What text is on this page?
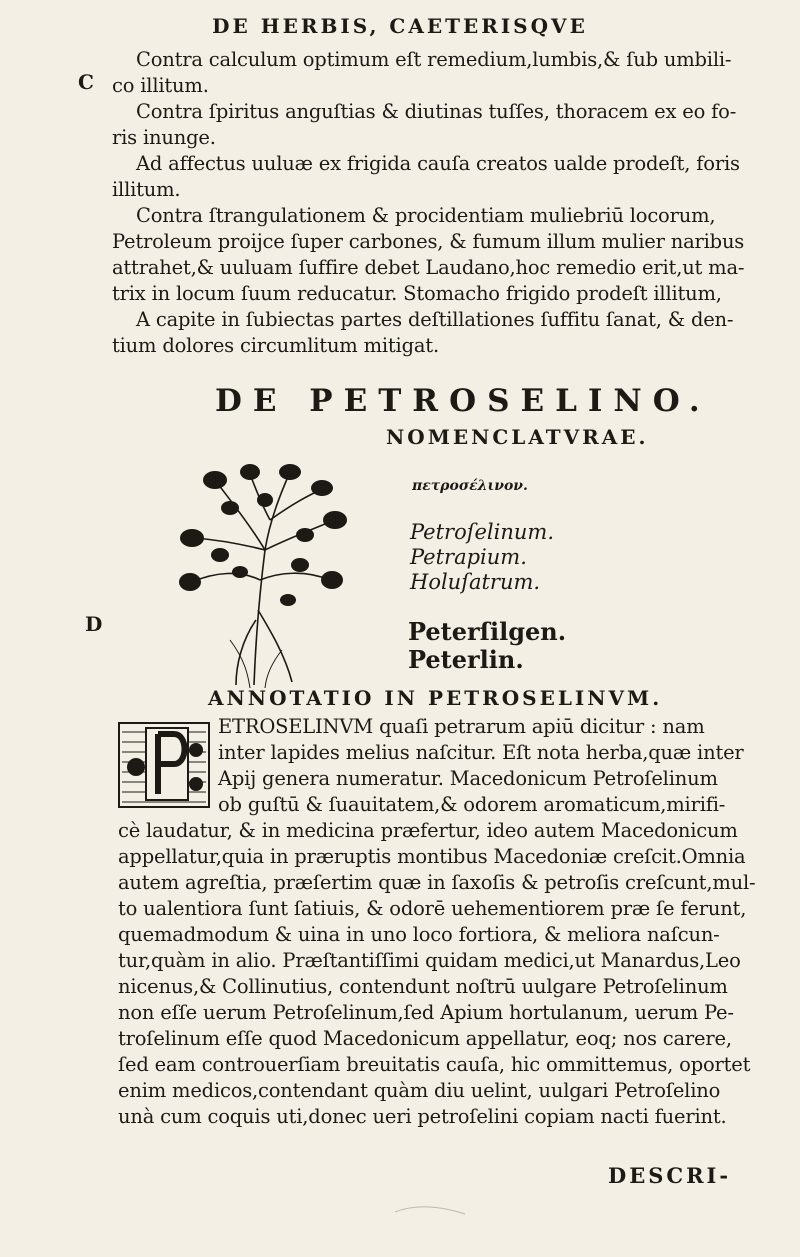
DE HERBIS, CAETERISQVE
C
D
Contra calculum optimum eſt remedium,lumbis,& ſub umbili-
co illitum.
Contra ſpiritus anguſtias & diutinas tuſſes, thoracem ex eo fo-
ris inunge.
Ad affectus uuluæ ex frigida cauſa creatos ualde prodeſt, foris
illitum.
Contra ſtrangulationem & procidentiam muliebriū locorum,
Petroleum proijce ſuper carbones, & fumum illum mulier naribus
attrahet,& uuluam ſuffire debet Laudano,hoc remedio erit,ut ma-
trix in locum ſuum reducatur. Stomacho frigido prodeſt illitum,
A capite in ſubiectas partes deſtillationes ſuffitu ſanat, & den-
tium dolores circumlitum mitigat.
DE PETROSELINO.
NOMENCLATVRAE.
πετροσέλινον.
Petroſelinum.
Petrapium.
Holuſatrum.
Peterſilgen.
Peterlin.
ANNOTATIO IN PETROSELINVM.
ETROSELINVM quaſi petrarum apiū dicitur : nam
inter lapides melius naſcitur. Eſt nota herba,quæ inter
Apij genera numeratur. Macedonicum Petroſelinum
ob guſtū & ſuauitatem,& odorem aromaticum,mirifi-
cè laudatur, & in medicina præfertur, ideo autem Macedonicum
appellatur,quia in præruptis montibus Macedoniæ creſcit.Omnia
autem agreſtia, præſertim quæ in ſaxoſis & petroſis creſcunt,mul-
to ualentiora ſunt ſatiuis, & odorē uehementiorem præ ſe ferunt,
quemadmodum & uina in uno loco fortiora, & meliora naſcun-
tur,quàm in alio. Præſtantiſſimi quidam medici,ut Manardus,Leo
nicenus,& Collinutius, contendunt noſtrū uulgare Petroſelinum
non eſſe uerum Petroſelinum,ſed Apium hortulanum, uerum Pe-
troſelinum eſſe quod Macedonicum appellatur, eoq; nos carere,
ſed eam controuerſiam breuitatis cauſa, hic ommittemus, oportet
enim medicos,contendant quàm diu uelint, uulgari Petroſelino
unà cum coquis uti,donec ueri petroſelini copiam nacti fuerint.
DESCRI-
